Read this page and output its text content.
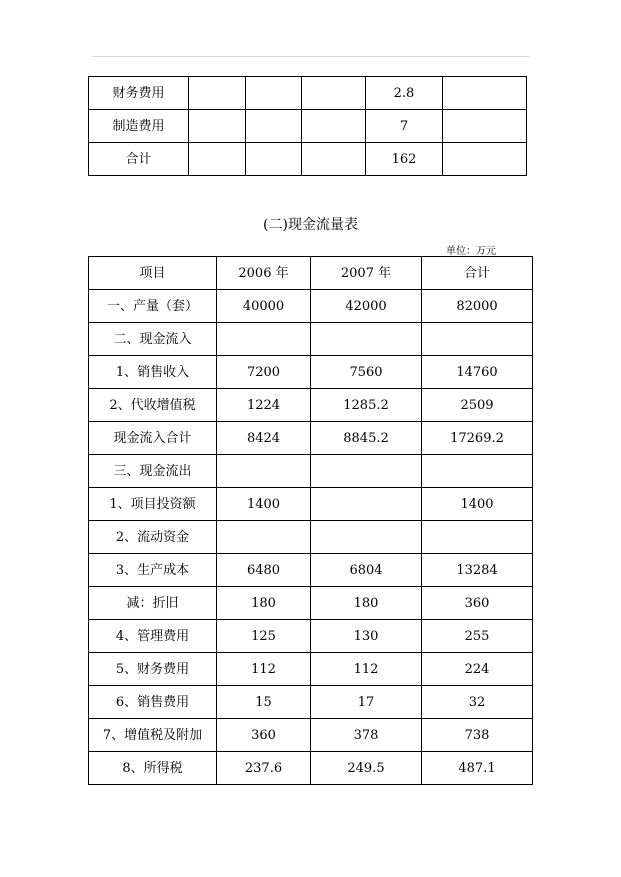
财务费用				2.8	
制造费用				7	
合计				162	
(二)现金流量表
单位：万元
项目	2006 年	2007 年	合计
一、产量（套）	40000	42000	82000
二、现金流入			
1、销售收入	7200	7560	14760
2、代收增值税	1224	1285.2	2509
现金流入合计	8424	8845.2	17269.2
三、现金流出			
1、项目投资额	1400		1400
2、流动资金			
3、生产成本	6480	6804	13284
减：折旧	180	180	360
4、管理费用	125	130	255
5、财务费用	112	112	224
6、销售费用	15	17	32
7、增值税及附加	360	378	738
8、所得税	237.6	249.5	487.1
